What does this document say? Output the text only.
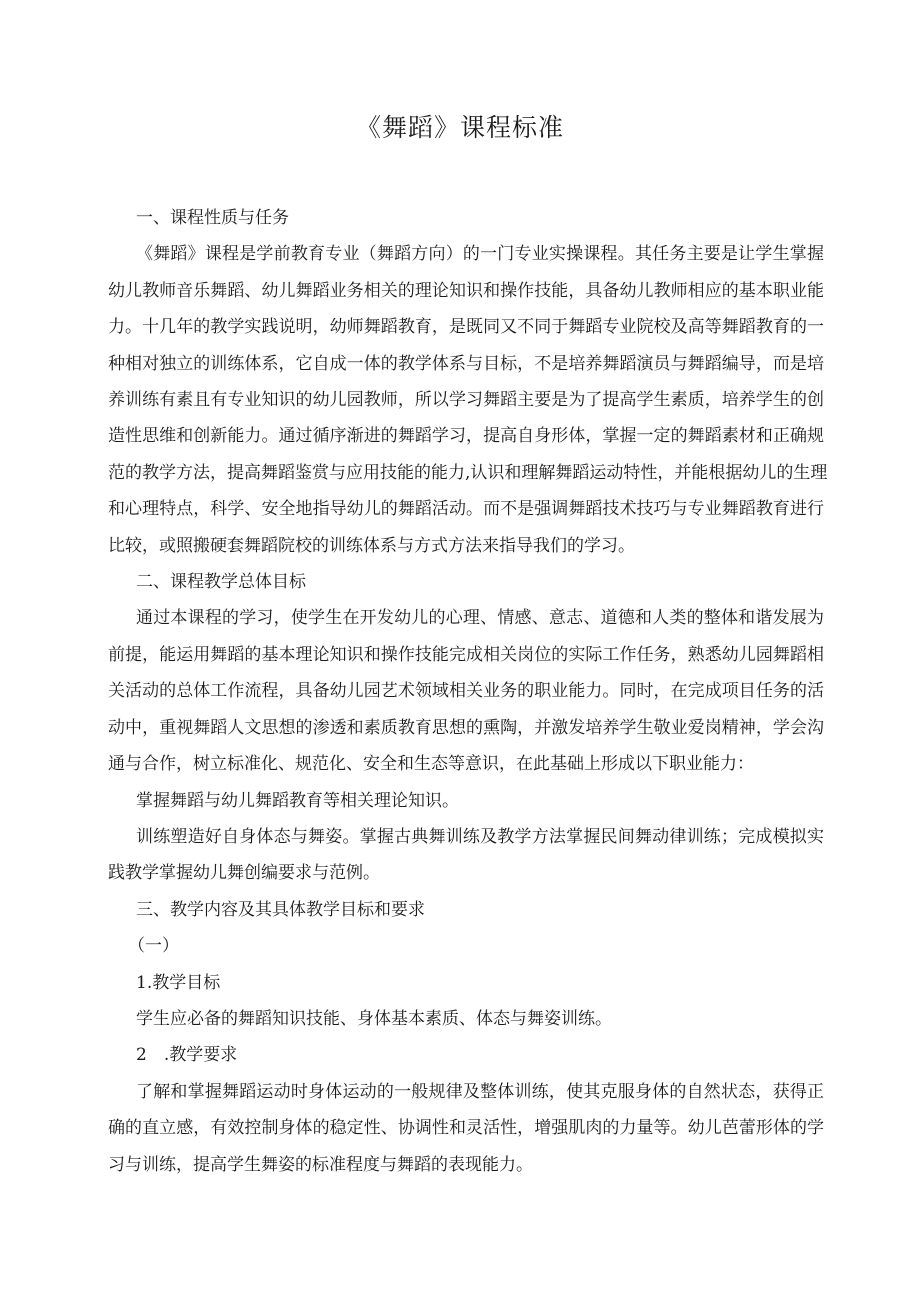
《舞蹈》课程标准

一、课程性质与任务

《舞蹈》课程是学前教育专业（舞蹈方向）的一门专业实操课程。其任务主要是让学生掌握

幼儿教师音乐舞蹈、幼儿舞蹈业务相关的理论知识和操作技能，具备幼儿教师相应的基本职业能

力。十几年的教学实践说明，幼师舞蹈教育，是既同又不同于舞蹈专业院校及高等舞蹈教育的一

种相对独立的训练体系，它自成一体的教学体系与目标，不是培养舞蹈演员与舞蹈编导，而是培

养训练有素且有专业知识的幼儿园教师，所以学习舞蹈主要是为了提高学生素质，培养学生的创

造性思维和创新能力。通过循序渐进的舞蹈学习，提高自身形体，掌握一定的舞蹈素材和正确规

范的教学方法，提高舞蹈鉴赏与应用技能的能力,认识和理解舞蹈运动特性，并能根据幼儿的生理

和心理特点，科学、安全地指导幼儿的舞蹈活动。而不是强调舞蹈技术技巧与专业舞蹈教育进行

比较，或照搬硬套舞蹈院校的训练体系与方式方法来指导我们的学习。

二、课程教学总体目标

通过本课程的学习，使学生在开发幼儿的心理、情感、意志、道德和人类的整体和谐发展为

前提，能运用舞蹈的基本理论知识和操作技能完成相关岗位的实际工作任务，熟悉幼儿园舞蹈相

关活动的总体工作流程，具备幼儿园艺术领域相关业务的职业能力。同时，在完成项目任务的活

动中，重视舞蹈人文思想的渗透和素质教育思想的熏陶，并激发培养学生敬业爱岗精神，学会沟

通与合作，树立标准化、规范化、安全和生态等意识，在此基础上形成以下职业能力：

掌握舞蹈与幼儿舞蹈教育等相关理论知识。

训练塑造好自身体态与舞姿。掌握古典舞训练及教学方法掌握民间舞动律训练；完成模拟实

践教学掌握幼儿舞创编要求与范例。

三、教学内容及其具体教学目标和要求

（一）

1.教学目标

学生应必备的舞蹈知识技能、身体基本素质、体态与舞姿训练。

2　.教学要求

了解和掌握舞蹈运动时身体运动的一般规律及整体训练，使其克服身体的自然状态，获得正

确的直立感，有效控制身体的稳定性、协调性和灵活性，增强肌肉的力量等。幼儿芭蕾形体的学

习与训练，提高学生舞姿的标准程度与舞蹈的表现能力。
